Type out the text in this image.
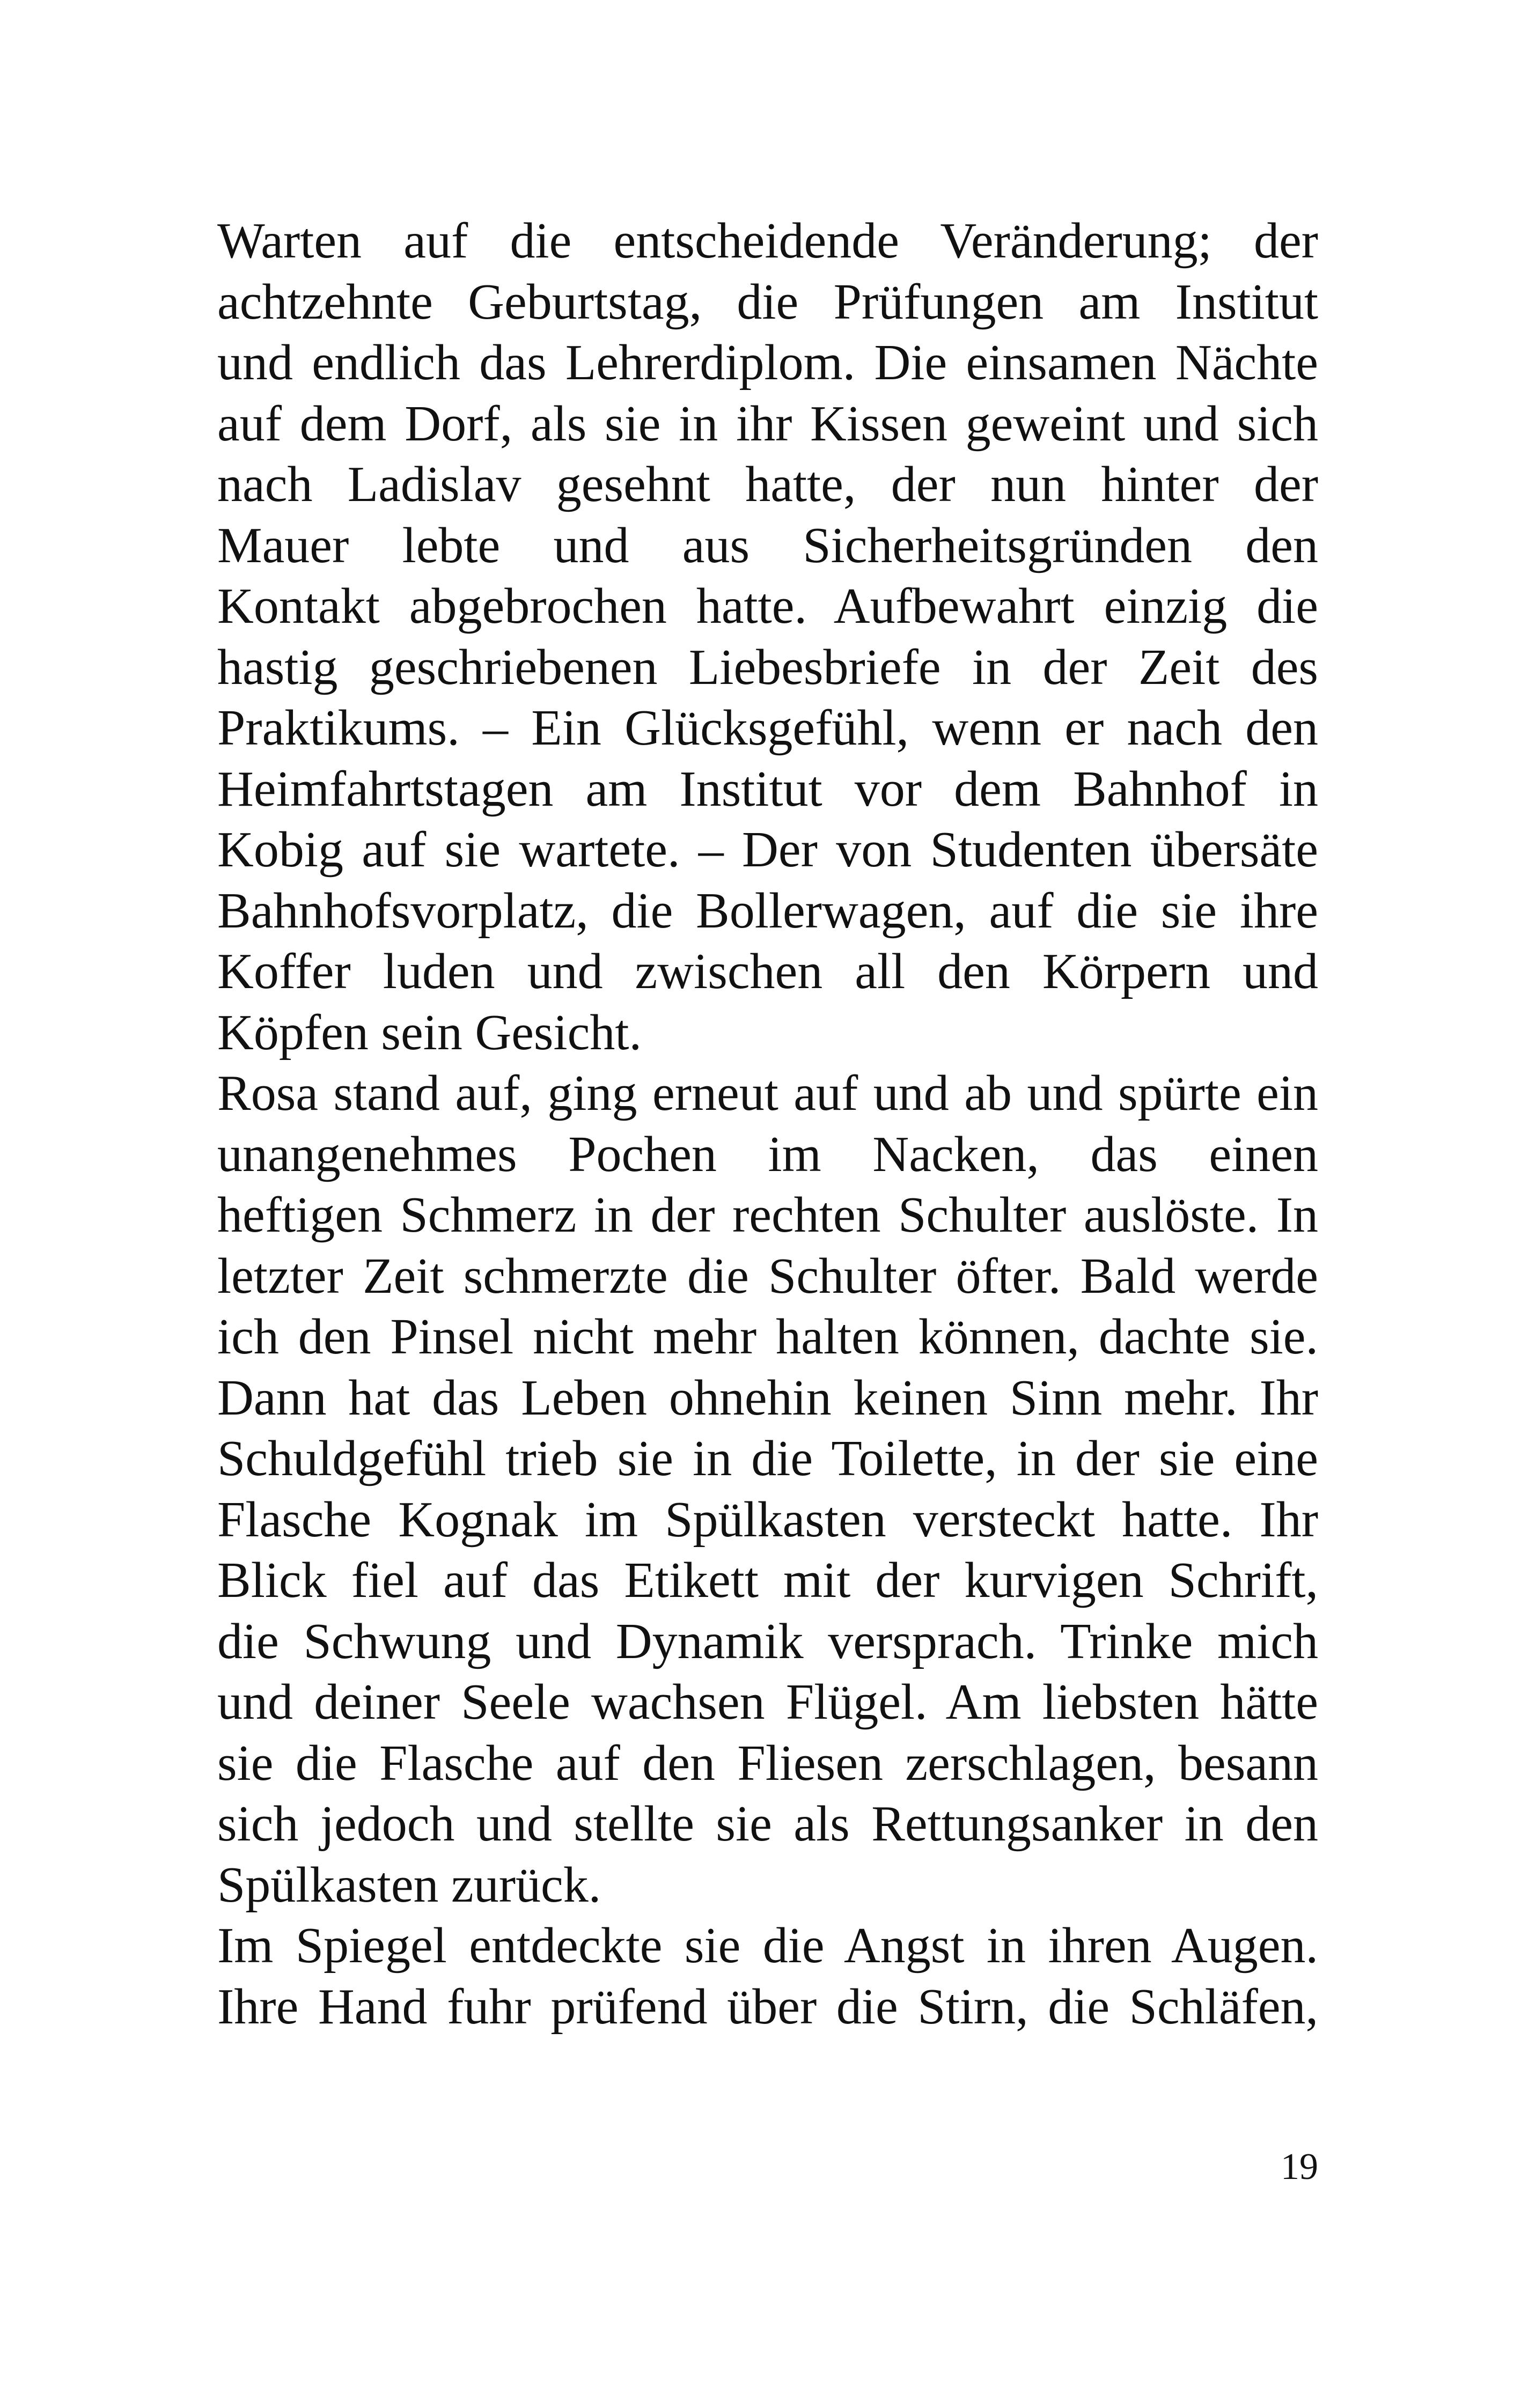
Warten auf die entscheidende Veränderung; der
achtzehnte Geburtstag, die Prüfungen am Institut
und endlich das Lehrerdiplom. Die einsamen Nächte
auf dem Dorf, als sie in ihr Kissen geweint und sich
nach Ladislav gesehnt hatte, der nun hinter der
Mauer lebte und aus Sicherheitsgründen den
Kontakt abgebrochen hatte. Aufbewahrt einzig die
hastig geschriebenen Liebesbriefe in der Zeit des
Praktikums. – Ein Glücksgefühl, wenn er nach den
Heimfahrtstagen am Institut vor dem Bahnhof in
Kobig auf sie wartete. – Der von Studenten übersäte
Bahnhofsvorplatz, die Bollerwagen, auf die sie ihre
Koffer luden und zwischen all den Körpern und
Köpfen sein Gesicht.
Rosa stand auf, ging erneut auf und ab und spürte ein
unangenehmes Pochen im Nacken, das einen
heftigen Schmerz in der rechten Schulter auslöste. In
letzter Zeit schmerzte die Schulter öfter. Bald werde
ich den Pinsel nicht mehr halten können, dachte sie.
Dann hat das Leben ohnehin keinen Sinn mehr. Ihr
Schuldgefühl trieb sie in die Toilette, in der sie eine
Flasche Kognak im Spülkasten versteckt hatte. Ihr
Blick fiel auf das Etikett mit der kurvigen Schrift,
die Schwung und Dynamik versprach. Trinke mich
und deiner Seele wachsen Flügel. Am liebsten hätte
sie die Flasche auf den Fliesen zerschlagen, besann
sich jedoch und stellte sie als Rettungsanker in den
Spülkasten zurück.
Im Spiegel entdeckte sie die Angst in ihren Augen.
Ihre Hand fuhr prüfend über die Stirn, die Schläfen,
19
